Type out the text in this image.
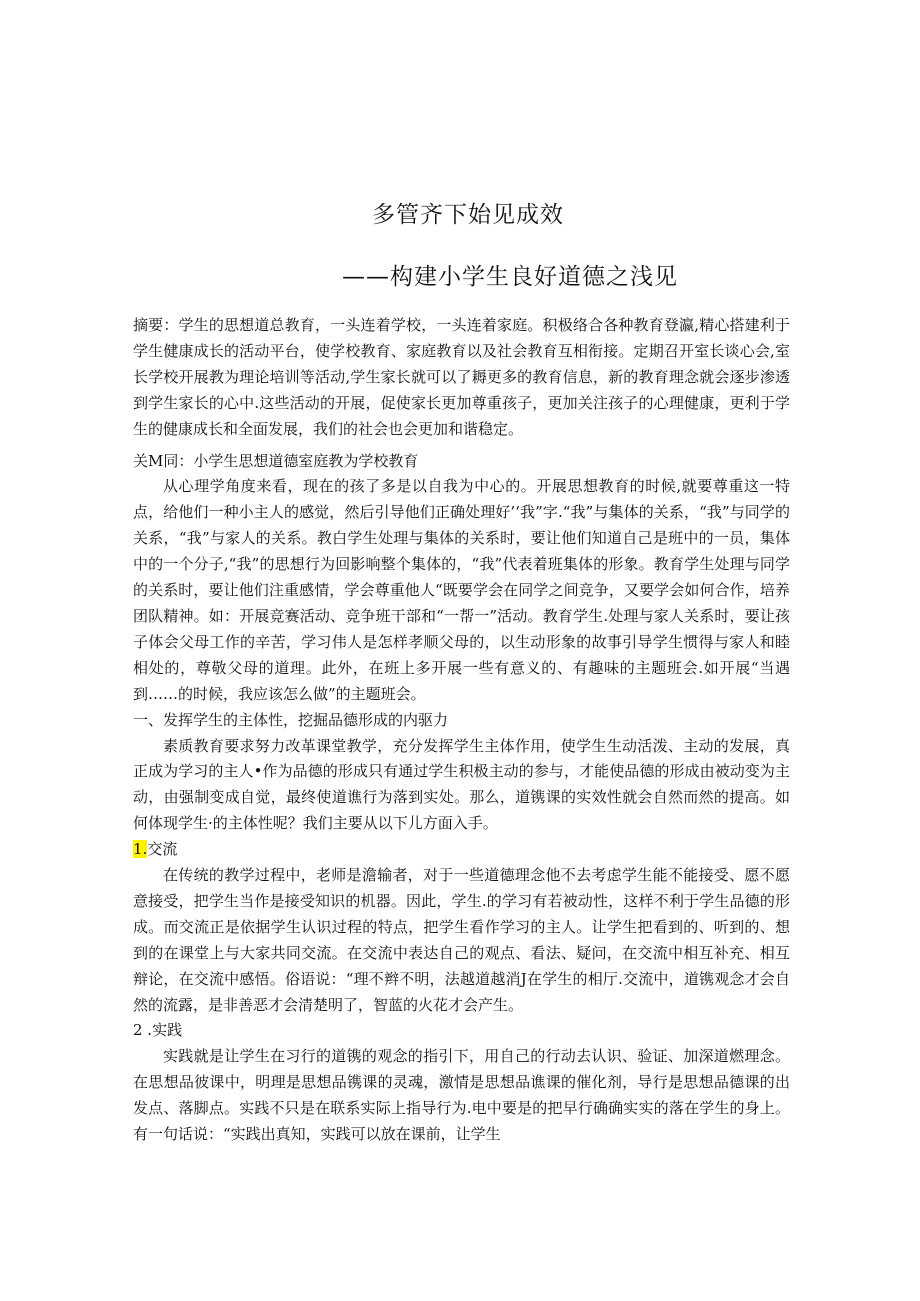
多管齐下始见成效
——构建小学生良好道德之浅见

摘要：学生的思想道总教育，一头连着学校，一头连着家庭。积极络合各种教育登瀛,精心搭建利于学生健康成长的活动平台，使学校教育、家庭教育以及社会教育互相衔接。定期召开室长谈心会,室长学校开展教为理论培训等活动,学生家长就可以了耨更多的教育信息，新的教育理念就会逐步渗透到学生家长的心中.这些活动的开展，促使家长更加尊重孩子，更加关注孩子的心理健康，更利于学生的健康成长和全面发展，我们的社会也会更加和谐稳定。

关M同：小学生思想道德室庭教为学校教育

从心理学角度来看，现在的孩了多是以自我为中心的。开展思想教育的时候,就要尊重这一特点，给他们一种小主人的感觉，然后引导他们正确处理好’‘我”字.“我”与集体的关系，“我”与同学的关系，“我”与家人的关系。教白学生处理与集体的关系时，要让他们知道自己是班中的一员，集体中的一个分子,“我”的思想行为回影响整个集体的，“我”代表着班集体的形象。教育学生处理与同学的关系时，要让他们注重感情，学会尊重他人“既要学会在同学之间竞争，又要学会如何合作，培养团队精神。如：开展竞赛活动、竞争班干部和“一帮一”活动。教育学生.处理与家人关系时，要让孩子体会父母工作的辛苦，学习伟人是怎样孝顺父母的，以生动形象的故事引导学生惯得与家人和睦相处的，尊敬父母的道理。此外，在班上多开展一些有意义的、有趣味的主题班会.如开展“当遇到……的时候，我应该怎么做”的主题班会。

一、发挥学生的主体性，挖掘品德形成的内驱力

素质教育要求努力改革课堂教学，充分发挥学生主体作用，使学生生动活泼、主动的发展，真正成为学习的主人•作为品德的形成只有通过学生积极主动的参与，才能使品德的形成由被动变为主动，由强制变成自觉，最终使道谯行为落到实处。那么，道镌课的实效性就会自然而然的提高。如何体现学生·的主体性呢？我们主要从以下儿方面入手。

1.交流

在传统的教学过程中，老师是澹输者，对于一些道德理念他不去考虑学生能不能接受、愿不愿意接受，把学生当作是接受知识的机器。因此，学生.的学习有若被动性，这样不利于学生品德的形成。而交流正是依据学生认识过程的特点，把学生看作学习的主人。让学生把看到的、听到的、想到的在课堂上与大家共同交流。在交流中表达自己的观点、看法、疑问，在交流中相互补充、相互辩论，在交流中感悟。俗语说：“理不辫不明，法越道越消J在学生的相厅.交流中，道镌观念才会自然的流露，是非善恶才会清楚明了，智蓝的火花才会产生。

2 .实践

实践就是让学生在习行的道镌的观念的指引下，用自己的行动去认识、验证、加深道燃理念。在思想品彼课中，明理是思想品镌课的灵魂，激情是思想品谯课的催化剂，导行是思想品德课的出发点、落脚点。实践不只是在联系实际上指导行为.电中要是的把早行确确实实的落在学生的身上。有一句话说：“实践出真知，实践可以放在课前，让学生
